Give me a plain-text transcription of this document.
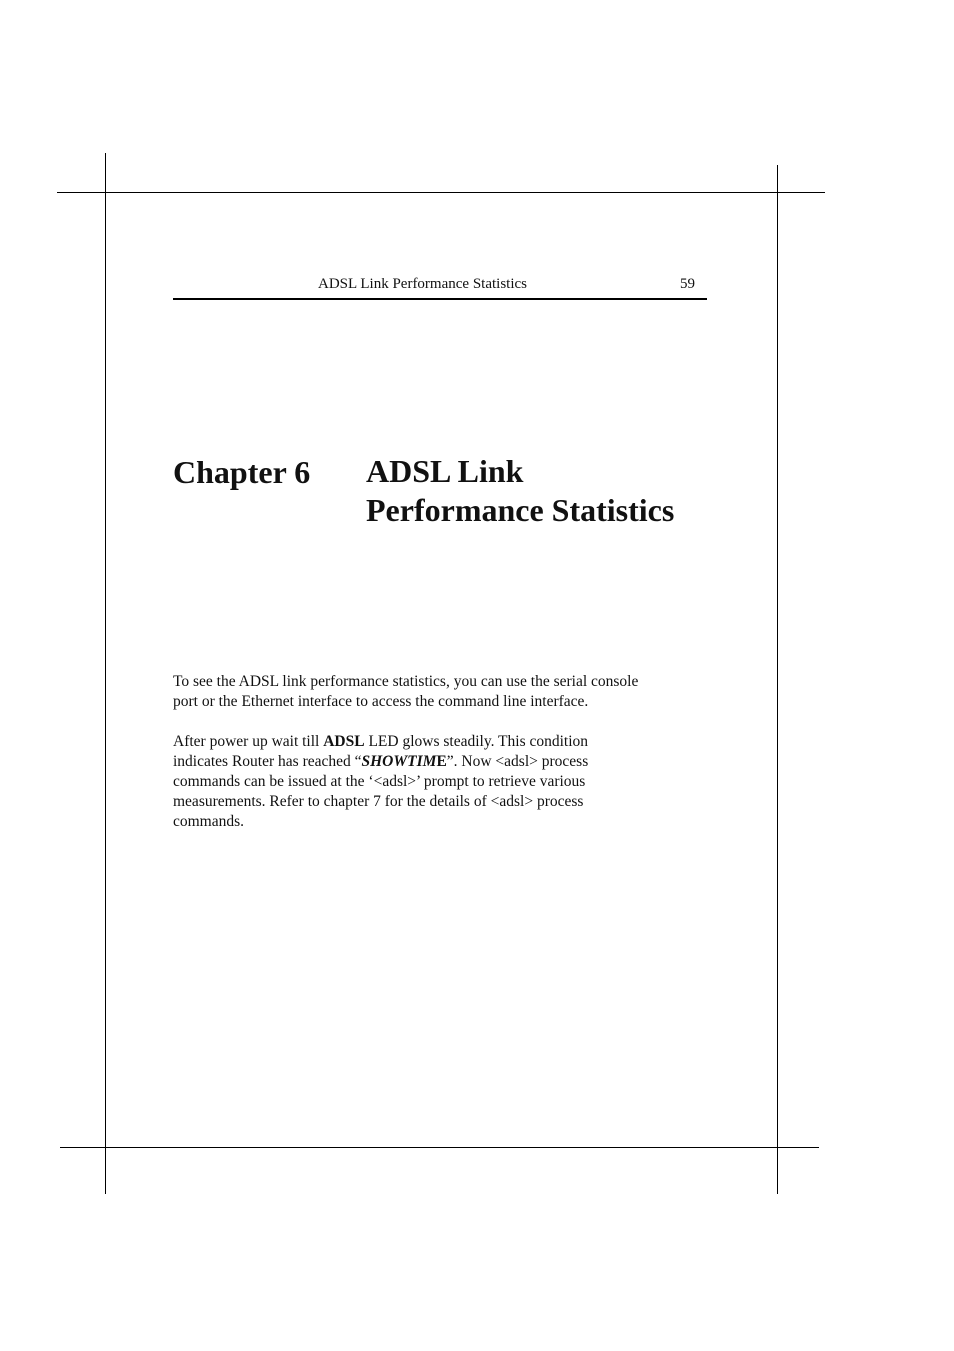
ADSL Link Performance Statistics	59
Chapter 6 ADSL Link
Performance Statistics

To see the ADSL link performance statistics, you can use the serial console
port or the Ethernet interface to access the command line interface.

After power up wait till ADSL LED glows steadily. This condition
indicates Router has reached “SHOWTIME”. Now <adsl> process
commands can be issued at the ‘<adsl>’ prompt to retrieve various
measurements. Refer to chapter 7 for the details of <adsl> process
commands.
